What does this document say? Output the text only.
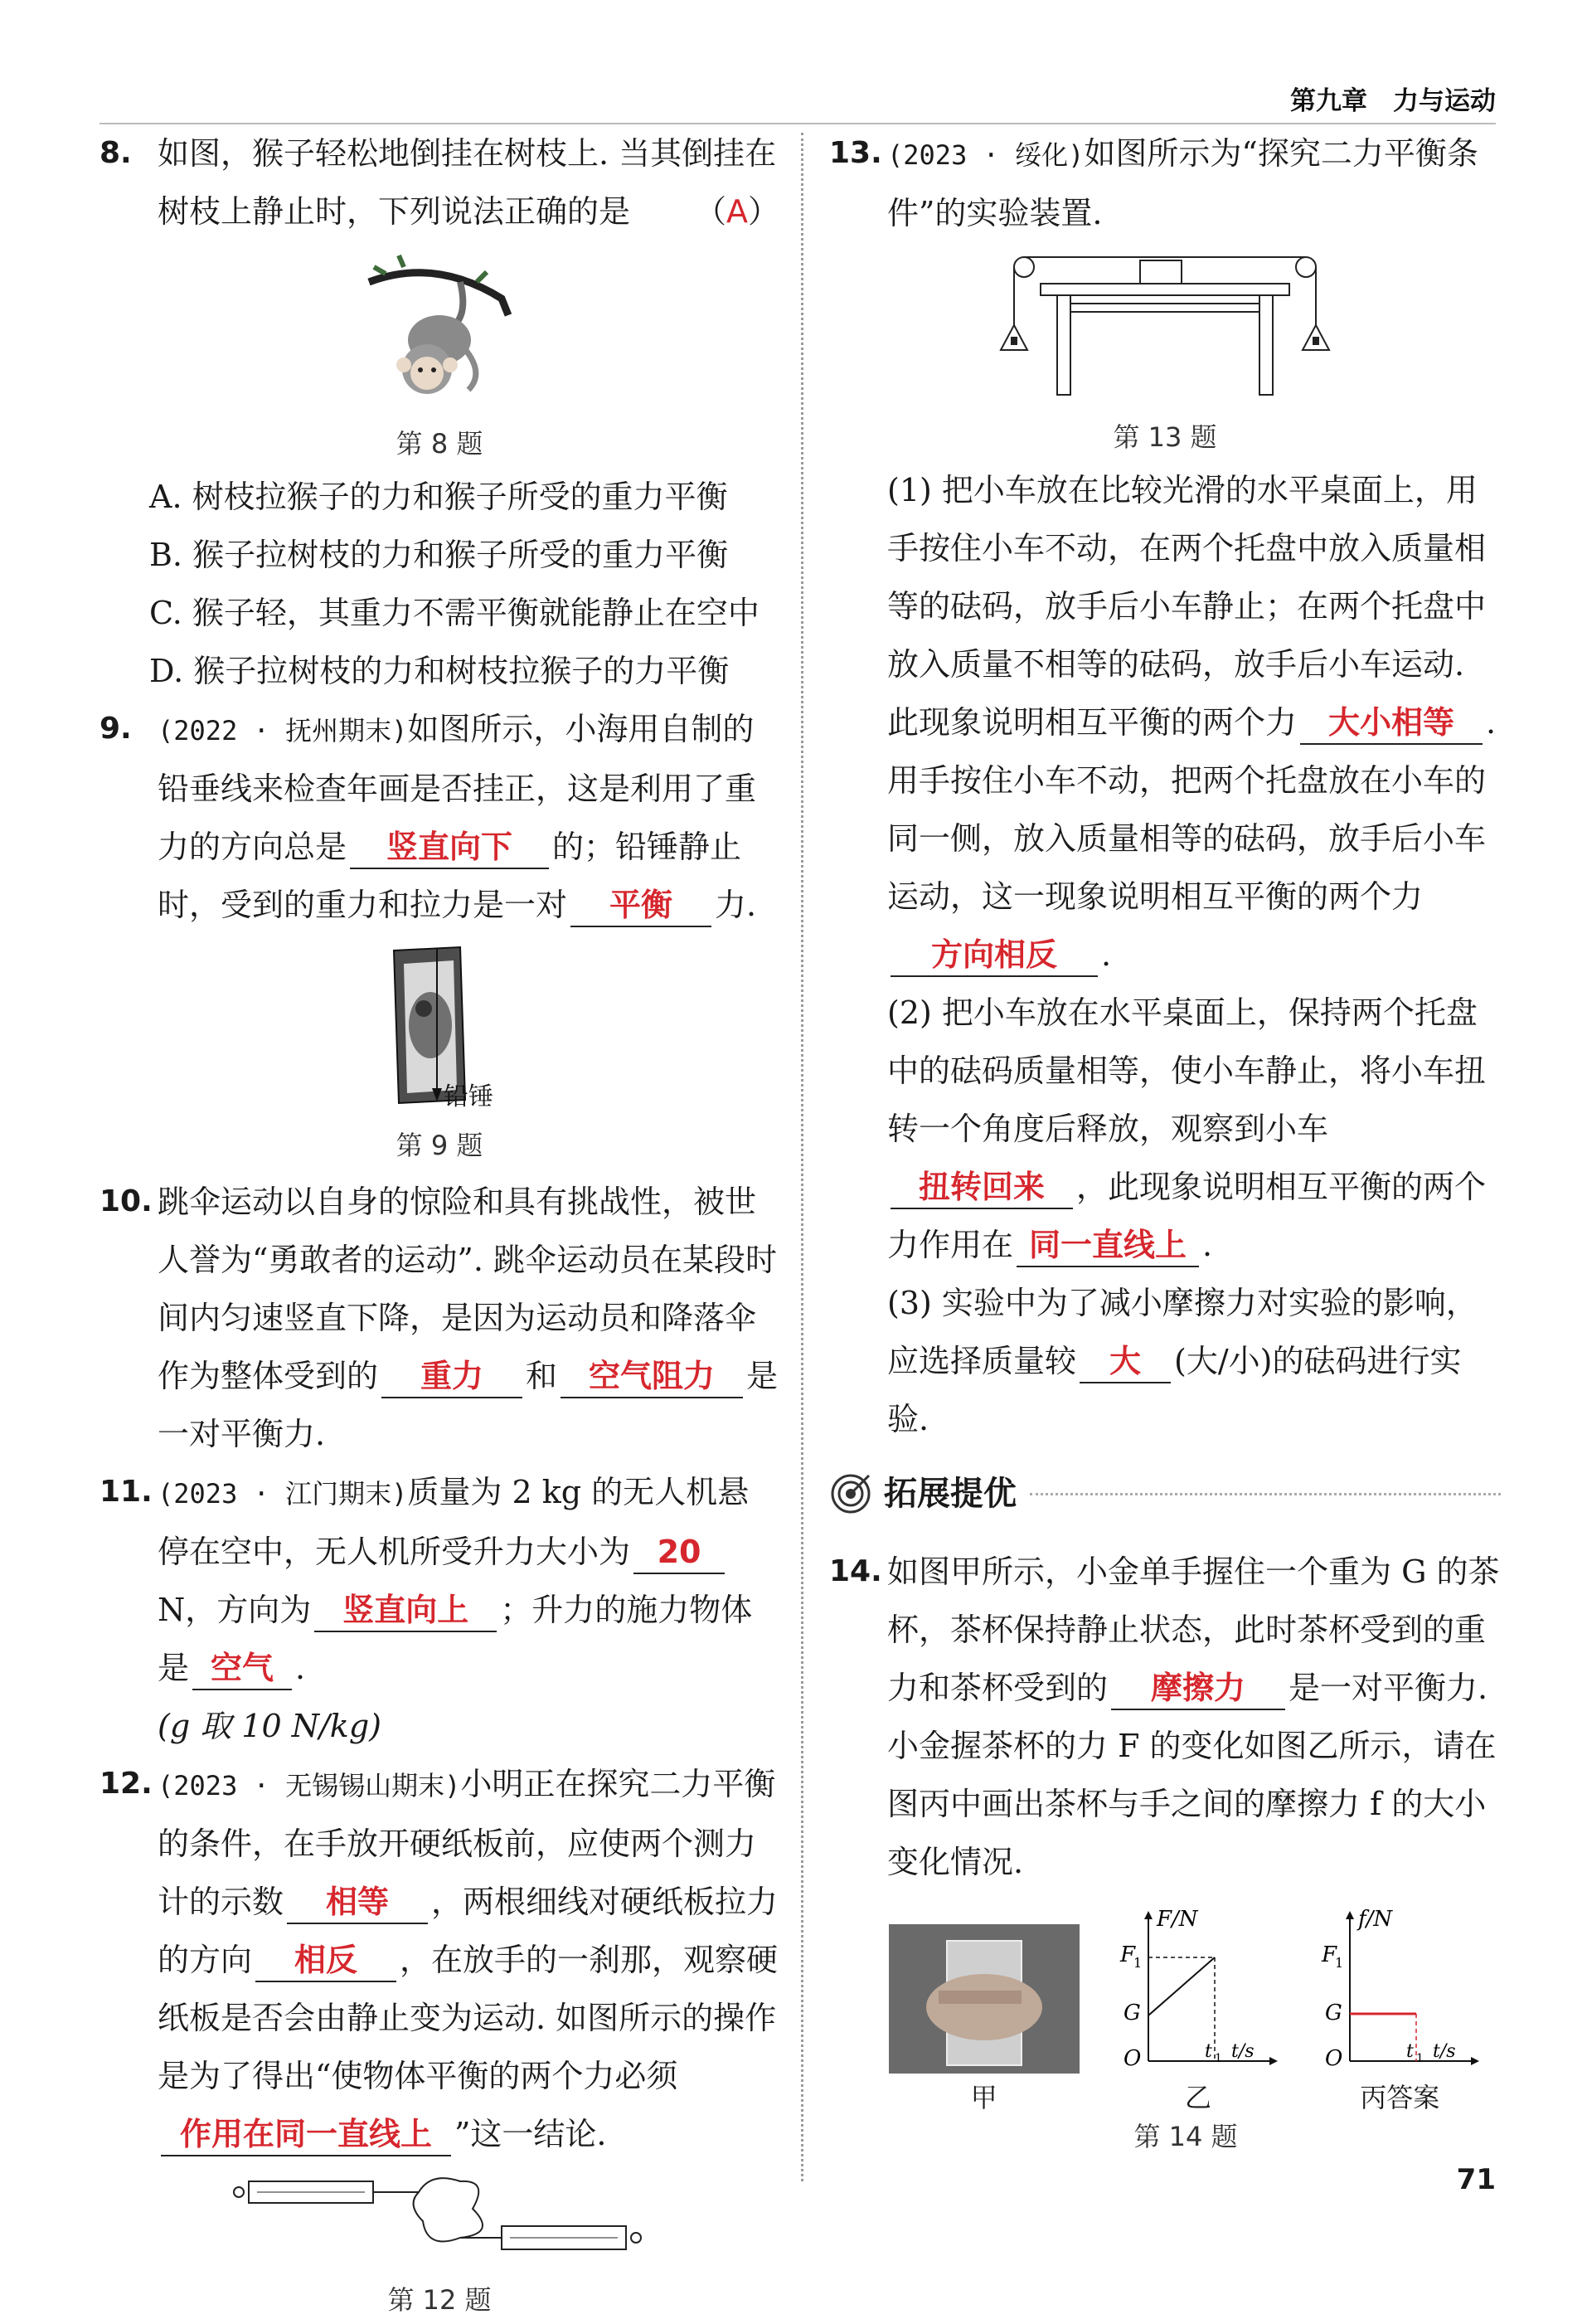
第九章　力与运动
8. 如图，猴子轻松地倒挂在树枝上. 当其倒挂在树枝上静止时，下列说法正确的是 （A）
第 8 题
A. 树枝拉猴子的力和猴子所受的重力平衡
B. 猴子拉树枝的力和猴子所受的重力平衡
C. 猴子轻，其重力不需平衡就能静止在空中
D. 猴子拉树枝的力和树枝拉猴子的力平衡
9. (2022 · 抚州期末)如图所示，小海用自制的铅垂线来检查年画是否挂正，这是利用了重力的方向总是 竖直向下 的；铅锤静止时，受到的重力和拉力是一对 平衡 力.
铅锤
第 9 题
10. 跳伞运动以自身的惊险和具有挑战性，被世人誉为“勇敢者的运动”. 跳伞运动员在某段时间内匀速竖直下降，是因为运动员和降落伞作为整体受到的 重力 和 空气阻力 是一对平衡力.
11. (2023 · 江门期末)质量为 2 kg 的无人机悬停在空中，无人机所受升力大小为 20N，方向为 竖直向上 ；升力的施力物体是 空气 .
(g 取 10 N/kg)
12. (2023 · 无锡锡山期末)小明正在探究二力平衡的条件，在手放开硬纸板前，应使两个测力计的示数 相等 ，两根细线对硬纸板拉力的方向 相反 ，在放手的一刹那，观察硬纸板是否会由静止变为运动. 如图所示的操作是为了得出“使物体平衡的两个力必须作用在同一直线上 ”这一结论.
第 12 题
13. (2023 · 绥化)如图所示为“探究二力平衡条件”的实验装置.
第 13 题
(1) 把小车放在比较光滑的水平桌面上，用手按住小车不动，在两个托盘中放入质量相等的砝码，放手后小车静止；在两个托盘中放入质量不相等的砝码，放手后小车运动. 此现象说明相互平衡的两个力 大小相等 . 用手按住小车不动，把两个托盘放在小车的同一侧，放入质量相等的砝码，放手后小车运动，这一现象说明相互平衡的两个力方向相反 .
(2) 把小车放在水平桌面上，保持两个托盘中的砝码质量相等，使小车静止，将小车扭转一个角度后释放，观察到小车扭转回来 ，此现象说明相互平衡的两个力作用在 同一直线上 .
(3) 实验中为了减小摩擦力对实验的影响，应选择质量较 大 (大/小)的砝码进行实验.
拓展提优
14. 如图甲所示，小金单手握住一个重为 G 的茶杯，茶杯保持静止状态，此时茶杯受到的重力和茶杯受到的 摩擦力 是一对平衡力. 小金握茶杯的力 F 的变化如图乙所示，请在图丙中画出茶杯与手之间的摩擦力 f 的大小变化情况.
甲
F/N
F
1
G
O	t 1 t/s
乙
f/N
F
1
G
O	t 1 t/s
丙答案
第 14 题
71
